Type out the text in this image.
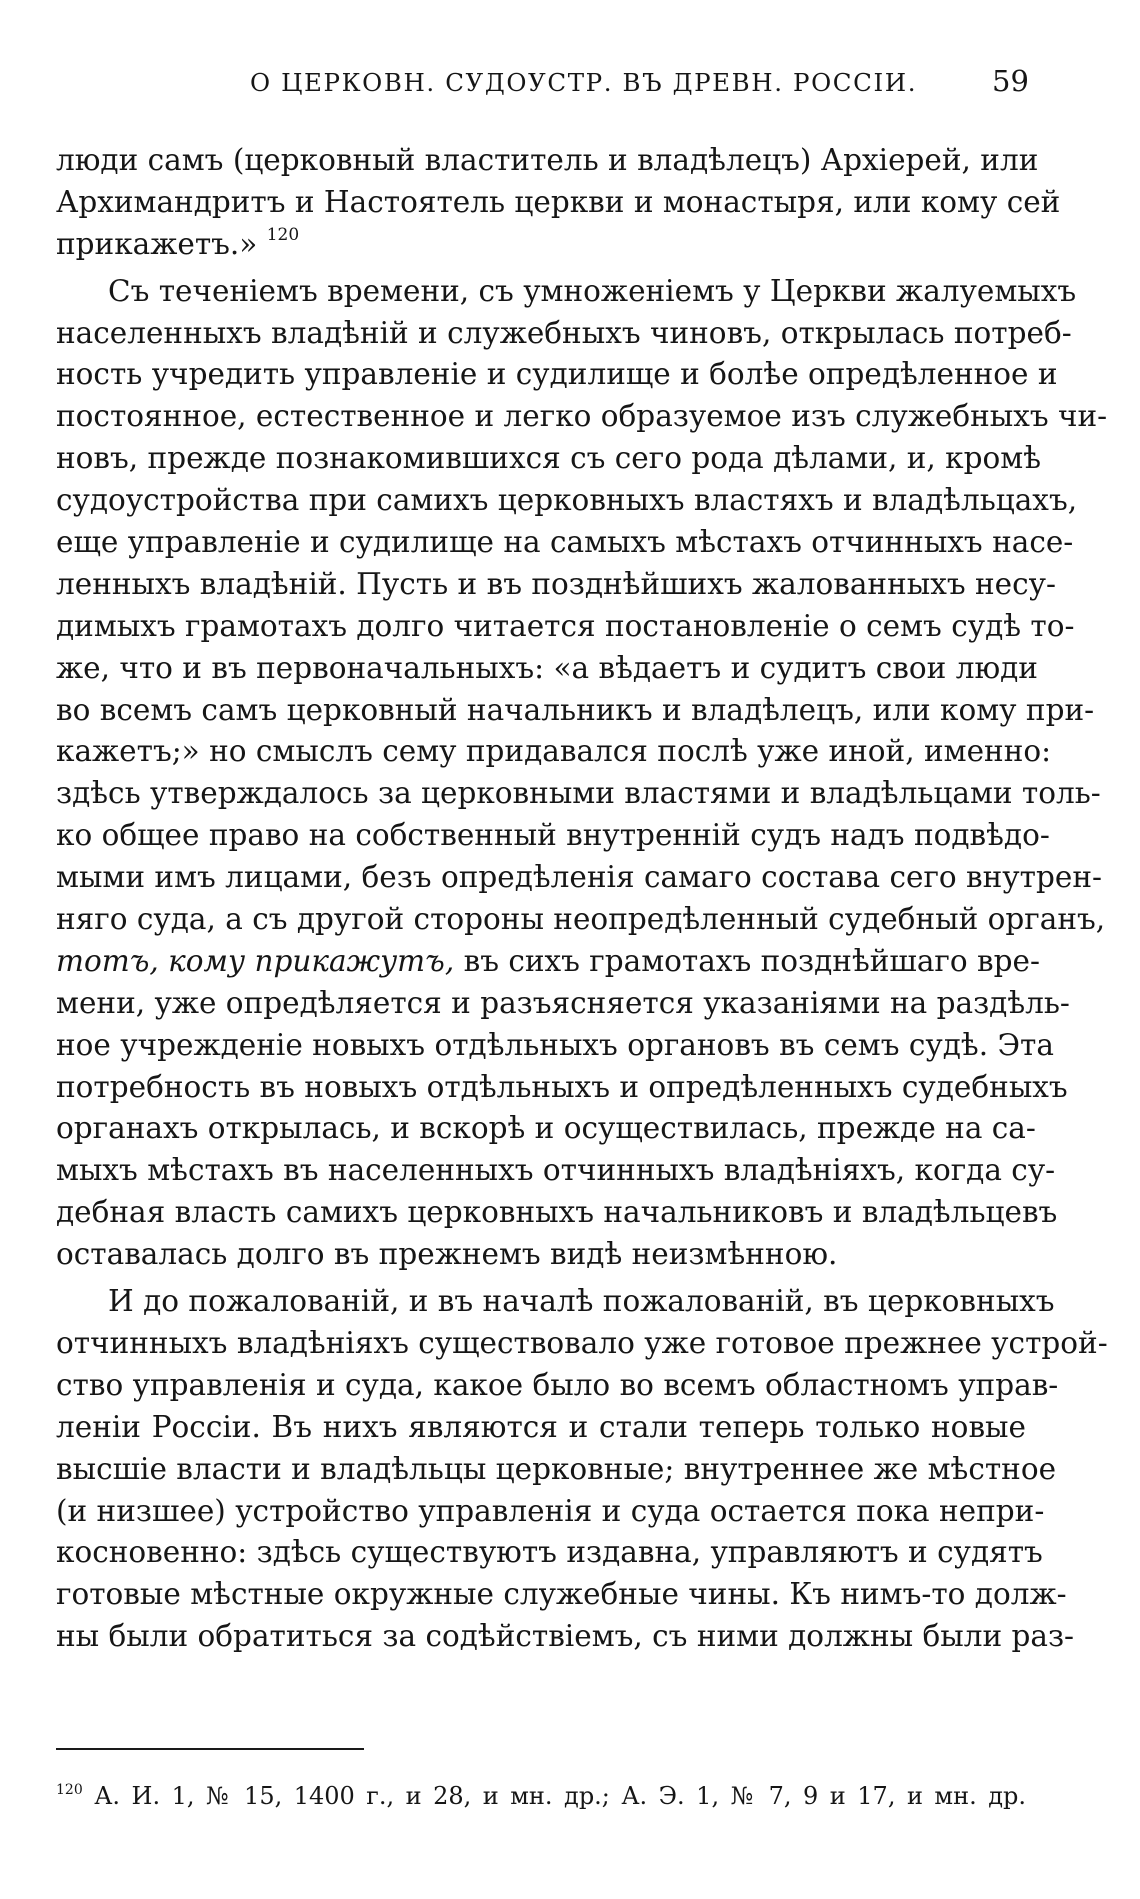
О ЦЕРКОВН. СУДОУСТР. ВЪ ДРЕВН. РОССІИ.	59
люди самъ (церковный властитель и владѣлецъ) Архіерей, или
Архимандритъ и Настоятель церкви и монастыря, или кому сей
прикажетъ.» $^{120}$
Съ теченіемъ времени, съ умноженіемъ у Церкви жалуемыхъ
населенныхъ владѣній и служебныхъ чиновъ, открылась потреб-
ность учредить управленіе и судилище и болѣе опредѣленное и
постоянное, естественное и легко образуемое изъ служебныхъ чи-
новъ, прежде познакомившихся съ сего рода дѣлами, и, кромѣ
судоустройства при самихъ церковныхъ властяхъ и владѣльцахъ,
еще управленіе и судилище на самыхъ мѣстахъ отчинныхъ насе-
ленныхъ владѣній. Пусть и въ позднѣйшихъ жалованныхъ несу-
димыхъ грамотахъ долго читается постановленіе о семъ судѣ то-
же, что и въ первоначальныхъ: «а вѣдаетъ и судитъ свои люди
во всемъ самъ церковный начальникъ и владѣлецъ, или кому при-
кажетъ;» но смыслъ сему придавался послѣ уже иной, именно:
здѣсь утверждалось за церковными властями и владѣльцами толь-
ко общее право на собственный внутренній судъ надъ подвѣдо-
мыми имъ лицами, безъ опредѣленія самаго состава сего внутрен-
няго суда, а съ другой стороны неопредѣленный судебный органъ,
тотъ, кому прикажутъ, въ сихъ грамотахъ позднѣйшаго вре-
мени, уже опредѣляется и разъясняется указаніями на раздѣль-
ное учрежденіе новыхъ отдѣльныхъ органовъ въ семъ судѣ. Эта
потребность въ новыхъ отдѣльныхъ и опредѣленныхъ судебныхъ
органахъ открылась, и вскорѣ и осуществилась, прежде на са-
мыхъ мѣстахъ въ населенныхъ отчинныхъ владѣніяхъ, когда су-
дебная власть самихъ церковныхъ начальниковъ и владѣльцевъ
оставалась долго въ прежнемъ видѣ неизмѣнною.
И до пожалованій, и въ началѣ пожалованій, въ церковныхъ
отчинныхъ владѣніяхъ существовало уже готовое прежнее устрой-
ство управленія и суда, какое было во всемъ областномъ управ-
леніи Россіи. Въ нихъ являются и стали теперь только новые
высшіе власти и владѣльцы церковные; внутреннее же мѣстное
(и низшее) устройство управленія и суда остается пока непри-
косновенно: здѣсь существуютъ издавна, управляютъ и судятъ
готовые мѣстные окружные служебные чины. Къ нимъ-то долж-
ны были обратиться за содѣйствіемъ, съ ними должны были раз-
$^{120}$ А. И. 1, № 15, 1400 г., и 28, и мн. др.; А. Э. 1, № 7, 9 и 17, и мн. др.
